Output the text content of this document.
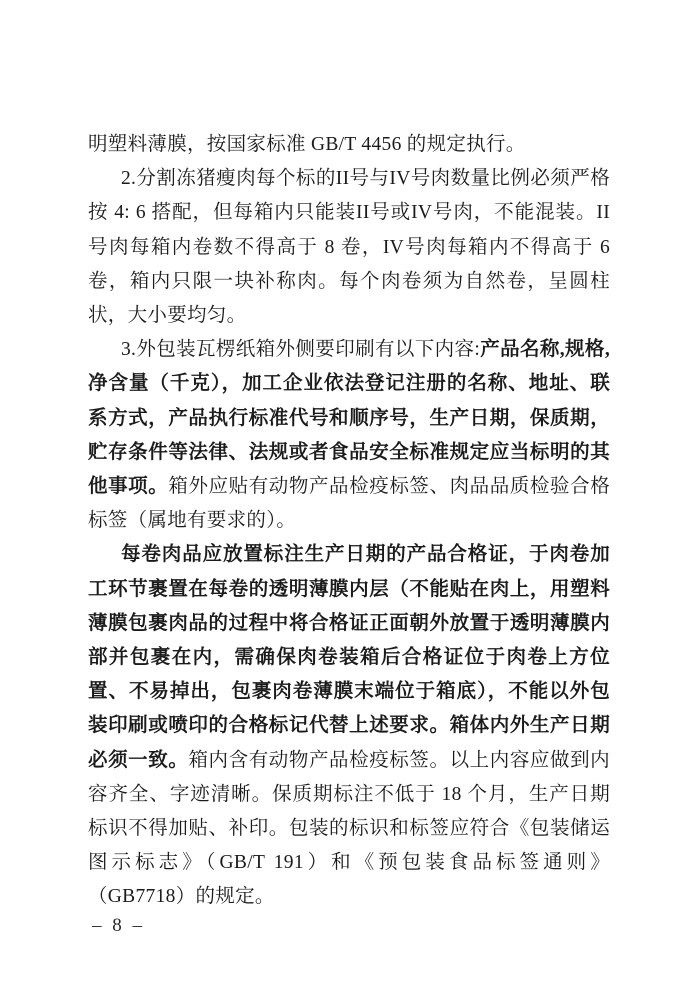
明塑料薄膜，按国家标准 GB/T 4456 的规定执行。

2.分割冻猪瘦肉每个标的II号与IV号肉数量比例必须严格按 4: 6 搭配，但每箱内只能装II号或IV号肉，不能混装。II号肉每箱内卷数不得高于 8 卷，IV号肉每箱内不得高于 6 卷，箱内只限一块补称肉。每个肉卷须为自然卷，呈圆柱状，大小要均匀。

3.外包装瓦楞纸箱外侧要印刷有以下内容:产品名称,规格,净含量（千克），加工企业依法登记注册的名称、地址、联系方式，产品执行标准代号和顺序号，生产日期，保质期，贮存条件等法律、法规或者食品安全标准规定应当标明的其他事项。箱外应贴有动物产品检疫标签、肉品品质检验合格标签（属地有要求的）。

每卷肉品应放置标注生产日期的产品合格证，于肉卷加工环节裹置在每卷的透明薄膜内层（不能贴在肉上，用塑料薄膜包裹肉品的过程中将合格证正面朝外放置于透明薄膜内部并包裹在内，需确保肉卷装箱后合格证位于肉卷上方位置、不易掉出，包裹肉卷薄膜末端位于箱底），不能以外包装印刷或喷印的合格标记代替上述要求。箱体内外生产日期必须一致。箱内含有动物产品检疫标签。以上内容应做到内容齐全、字迹清晰。保质期标注不低于 18 个月，生产日期标识不得加贴、补印。包装的标识和标签应符合《包装储运图示标志》（GB/T 191）和《预包装食品标签通则》（GB7718）的规定。

– 8 –
